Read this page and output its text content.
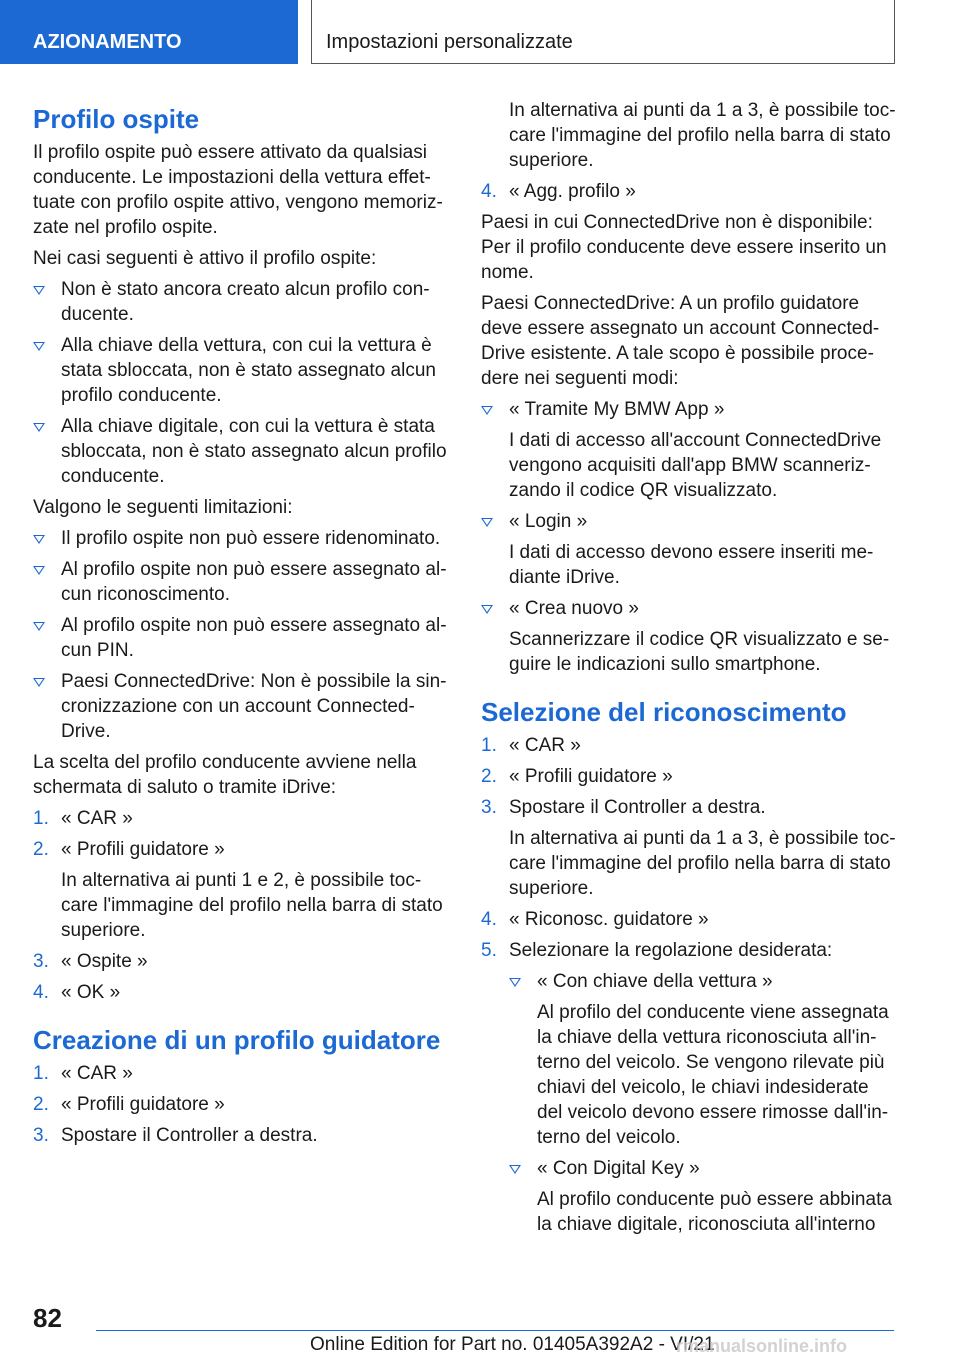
AZIONAMENTO	Impostazioni personalizzate
Profilo ospite

Il profilo ospite può essere attivato da qualsiasi conducente. Le impostazioni della vettura effettuate con profilo ospite attivo, vengono memorizzate nel profilo ospite.

Nei casi seguenti è attivo il profilo ospite:

Non è stato ancora creato alcun profilo conducente.
Alla chiave della vettura, con cui la vettura è stata sbloccata, non è stato assegnato alcun profilo conducente.
Alla chiave digitale, con cui la vettura è stata sbloccata, non è stato assegnato alcun profilo conducente.

Valgono le seguenti limitazioni:

Il profilo ospite non può essere ridenominato.
Al profilo ospite non può essere assegnato alcun riconoscimento.
Al profilo ospite non può essere assegnato alcun PIN.
Paesi ConnectedDrive: Non è possibile la sincronizzazione con un account ConnectedDrive.

La scelta del profilo conducente avviene nella schermata di saluto o tramite iDrive:

1. « CAR »
2. « Profili guidatore »
In alternativa ai punti 1 e 2, è possibile toccare l'immagine del profilo nella barra di stato superiore.
3. « Ospite »
4. « OK »
Creazione di un profilo guidatore
1. « CAR »
2. « Profili guidatore »
3. Spostare il Controller a destra.
In alternativa ai punti da 1 a 3, è possibile toccare l'immagine del profilo nella barra di stato superiore.
4. « Agg. profilo »

Paesi in cui ConnectedDrive non è disponibile: Per il profilo conducente deve essere inserito un nome.

Paesi ConnectedDrive: A un profilo guidatore deve essere assegnato un account ConnectedDrive esistente. A tale scopo è possibile procedere nei seguenti modi:

« Tramite My BMW App »
I dati di accesso all'account ConnectedDrive vengono acquisiti dall'app BMW scannerizzando il codice QR visualizzato.
« Login »
I dati di accesso devono essere inseriti mediante iDrive.
« Crea nuovo »
Scannerizzare il codice QR visualizzato e seguire le indicazioni sullo smartphone.
Selezione del riconoscimento
1. « CAR »
2. « Profili guidatore »
3. Spostare il Controller a destra.
In alternativa ai punti da 1 a 3, è possibile toccare l'immagine del profilo nella barra di stato superiore.
4. « Riconosc. guidatore »
5. Selezionare la regolazione desiderata:
« Con chiave della vettura »
Al profilo del conducente viene assegnata la chiave della vettura riconosciuta all'interno del veicolo. Se vengono rilevate più chiavi del veicolo, le chiavi indesiderate del veicolo devono essere rimosse dall'interno del veicolo.
« Con Digital Key »
Al profilo conducente può essere abbinata la chiave digitale, riconosciuta all'interno
82
Online Edition for Part no. 01405A392A2 - VI/21
rmanualsonline.info
